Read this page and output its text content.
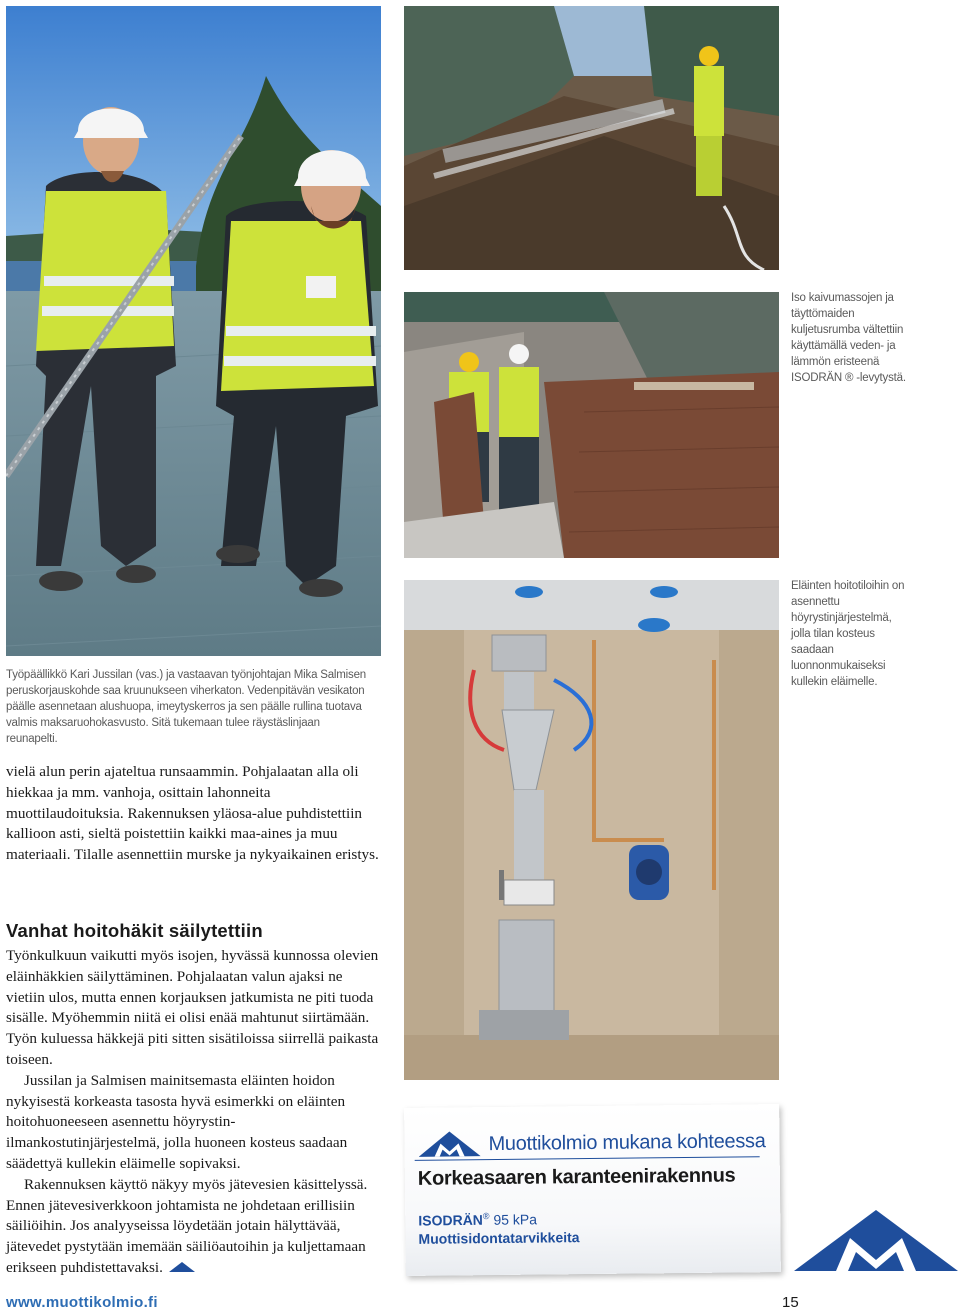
Työpäällikkö Kari Jussilan (vas.) ja vastaavan työnjohtajan Mika Salmisen peruskorjauskohde saa kruunukseen viherkaton. Vedenpitävän vesikaton päälle asennetaan alushuopa, imeytyskerros ja sen päälle rullina tuotava valmis maksaruohokasvusto. Sitä tukemaan tulee räystäslinjaan reunapelti.
Iso kaivumassojen ja täyttömaiden kuljetusrumba vältettiin käyttämällä veden- ja lämmön eristeenä ISODRÄN ® -levytystä.
Eläinten hoitotiloihin on asennettu höyrystinjärjestelmä, jolla tilan kosteus saadaan luonnonmukaiseksi kullekin eläimelle.

vielä alun perin ajateltua runsaammin. Pohjalaatan alla oli hiekkaa ja mm. vanhoja, osittain lahonneita muottilaudoituksia. Rakennuksen yläosa-alue puhdistettiin kallioon asti, sieltä poistettiin kaikki maa-aines ja muu materiaali. Tilalle asennettiin murske ja nykyaikainen eristys.

Vanhat hoitohäkit säilytettiin

Työnkulkuun vaikutti myös isojen, hyvässä kunnossa olevien eläinhäkkien säilyttäminen. Pohjalaatan valun ajaksi ne vietiin ulos, mutta ennen korjauksen jatkumista ne piti tuoda sisälle. Myöhemmin niitä ei olisi enää mahtunut siirtämään. Työn kuluessa häkkejä piti sitten sisätiloissa siirrellä paikasta toiseen.

Jussilan ja Salmisen mainitsemasta eläinten hoidon nykyisestä korkeasta tasosta hyvä esimerkki on eläinten hoitohuoneeseen asennettu höyrystin-ilmankostutinjärjestelmä, jolla huoneen kosteus saadaan säädettyä kullekin eläimelle sopivaksi.

Rakennuksen käyttö näkyy myös jätevesien käsittelyssä. Ennen jätevesiverkkoon johtamista ne johdetaan erillisiin säiliöihin. Jos analyyseissa löydetään jotain hälyttävää, jätevedet pystytään imemään säiliöautoihin ja kuljettamaan erikseen puhdistettavaksi.

Muottikolmio mukana kohteessa
Korkeasaaren karanteenirakennus
ISODRÄN® 95 kPa
Muottisidontatarvikkeita
www.muottikolmio.fi	15
